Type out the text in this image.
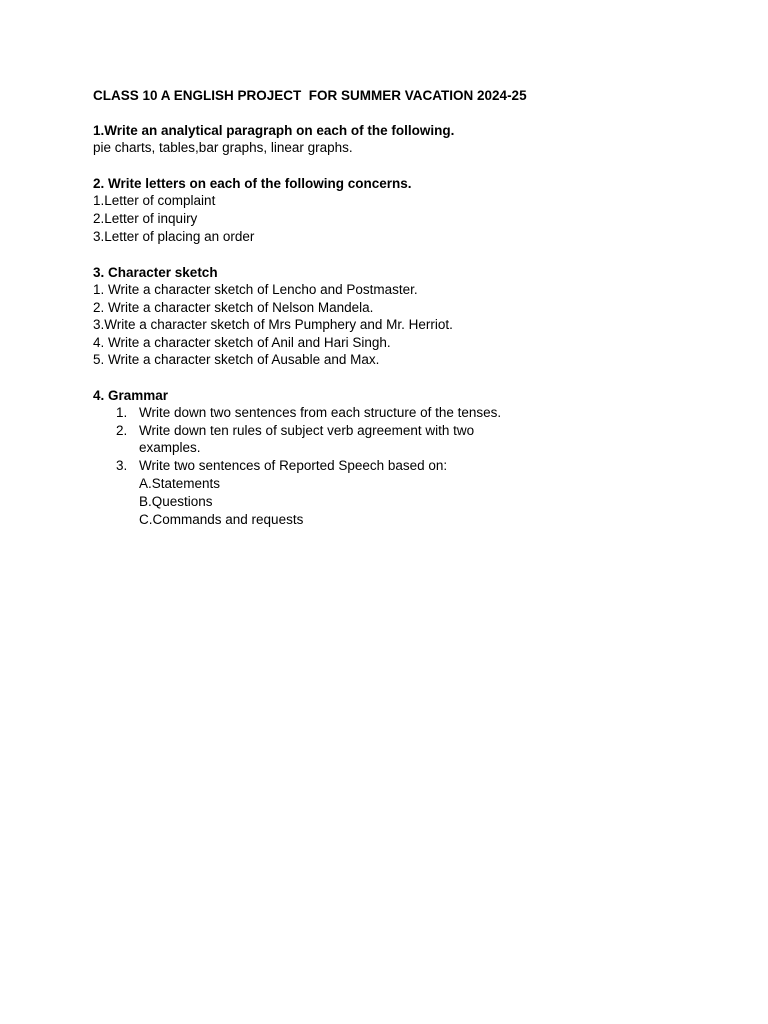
CLASS 10 A ENGLISH PROJECT  FOR SUMMER VACATION 2024-25
1.Write an analytical paragraph on each of the following.
pie charts, tables,bar graphs, linear graphs.
2. Write letters on each of the following concerns.
1.Letter of complaint
2.Letter of inquiry
3.Letter of placing an order
3. Character sketch
1. Write a character sketch of Lencho and Postmaster.
2. Write a character sketch of Nelson Mandela.
3.Write a character sketch of Mrs Pumphery and Mr. Herriot.
4. Write a character sketch of Anil and Hari Singh.
5. Write a character sketch of Ausable and Max.
4. Grammar
1. Write down two sentences from each structure of the tenses.
2. Write down ten rules of subject verb agreement with two
examples.
3. Write two sentences of Reported Speech based on:
A.Statements
B.Questions
C.Commands and requests
